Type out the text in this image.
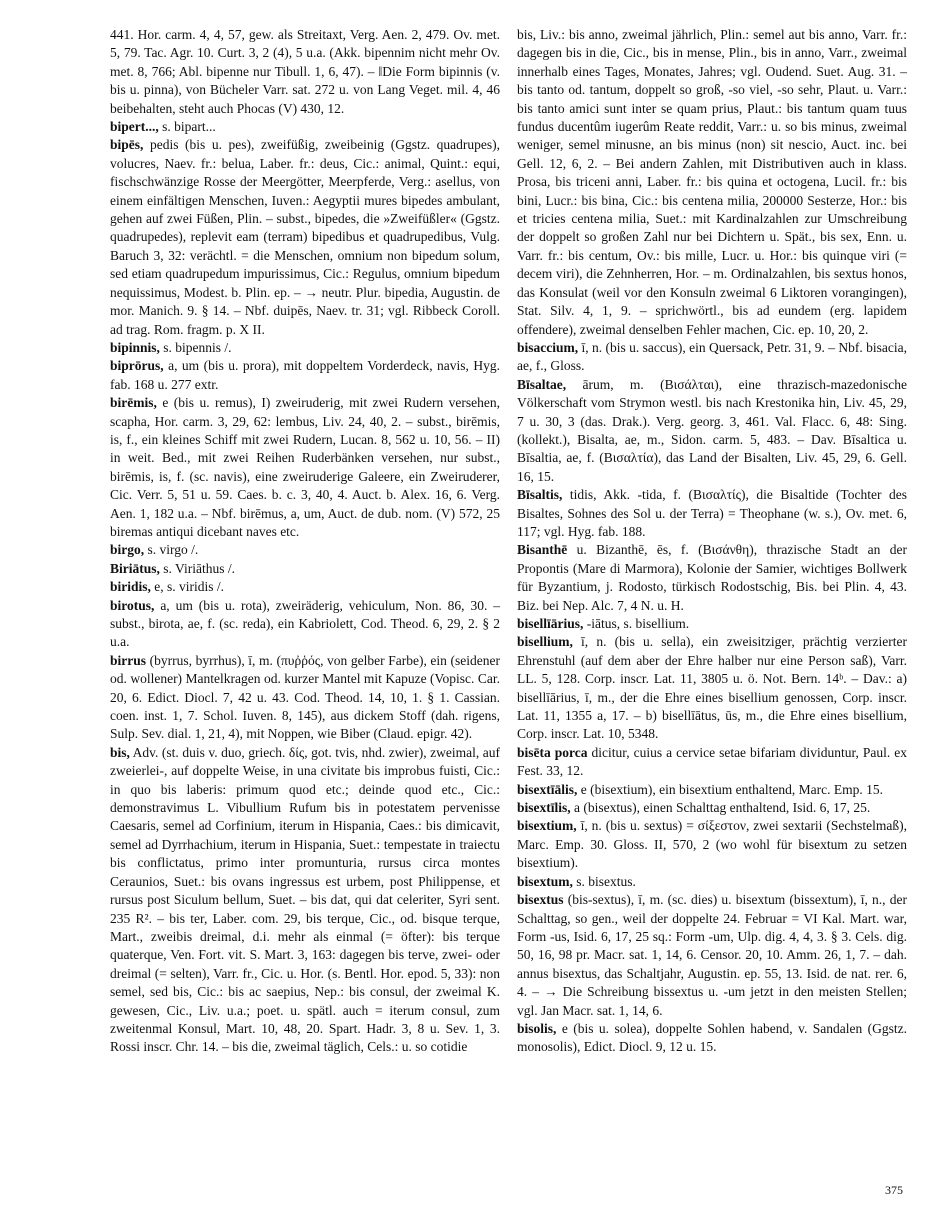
441. Hor. carm. 4, 4, 57, gew. als Streitaxt, Verg. Aen. 2, 479. Ov. met. 5, 79. Tac. Agr. 10. Curt. 3, 2 (4), 5 u.a. (Akk. bipennim nicht mehr Ov. met. 8, 766; Abl. bipenne nur Tibull. 1, 6, 47). – ‖Die Form bipinnis (v. bis u. pinna), von Bücheler Varr. sat. 272 u. von Lang Veget. mil. 4, 46 beibehalten, steht auch Phocas (V) 430, 12.

bipert..., s. bipart...

bipēs, pedis (bis u. pes), zweifüßig, zweibeinig (Ggstz. quadrupes), volucres, Naev. fr.: belua, Laber. fr.: deus, Cic.: animal, Quint.: equi, fischschwänzige Rosse der Meergötter, Meerpferde, Verg.: asellus, von einem einfältigen Menschen, Iuven.: Aegyptii mures bipedes ambulant, gehen auf zwei Füßen, Plin. – subst., bipedes, die »Zweifüßler« (Ggstz. quadrupedes), replevit eam (terram) bipedibus et quadrupedibus, Vulg. Baruch 3, 32: verächtl. = die Menschen, omnium non bipedum solum, sed etiam quadrupedum impurissimus, Cic.: Regulus, omnium bipedum nequissimus, Modest. b. Plin. ep. – → neutr. Plur. bipedia, Augustin. de mor. Manich. 9. § 14. – Nbf. duipēs, Naev. tr. 31; vgl. Ribbeck Coroll. ad trag. Rom. fragm. p. X II.

bipinnis, s. bipennis /.

biprōrus, a, um (bis u. prora), mit doppeltem Vorderdeck, navis, Hyg. fab. 168 u. 277 extr.

birēmis, e (bis u. remus), I) zweiruderig, mit zwei Rudern versehen, scapha, Hor. carm. 3, 29, 62: lembus, Liv. 24, 40, 2. – subst., birēmis, is, f., ein kleines Schiff mit zwei Rudern, Lucan. 8, 562 u. 10, 56. – II) in weit. Bed., mit zwei Reihen Ruderbänken versehen, nur subst., birēmis, is, f. (sc. navis), eine zweiruderige Galeere, ein Zweiruderer, Cic. Verr. 5, 51 u. 59. Caes. b. c. 3, 40, 4. Auct. b. Alex. 16, 6. Verg. Aen. 1, 182 u.a. – Nbf. birēmus, a, um, Auct. de dub. nom. (V) 572, 25 biremas antiqui dicebant naves etc.

birgo, s. virgo /.

Biriātus, s. Viriāthus /.

biridis, e, s. viridis /.

birotus, a, um (bis u. rota), zweiräderig, vehiculum, Non. 86, 30. – subst., birota, ae, f. (sc. reda), ein Kabriolett, Cod. Theod. 6, 29, 2. § 2 u.a.

birrus (byrrus, byrrhus), ī, m. (πυῤῥός, von gelber Farbe), ein (seidener od. wollener) Mantelkragen od. kurzer Mantel mit Kapuze (Vopisc. Car. 20, 6. Edict. Diocl. 7, 42 u. 43. Cod. Theod. 14, 10, 1. § 1. Cassian. coen. inst. 1, 7. Schol. Iuven. 8, 145), aus dickem Stoff (dah. rigens, Sulp. Sev. dial. 1, 21, 4), mit Noppen, wie Biber (Claud. epigr. 42).

bis, Adv. (st. duis v. duo, griech. δίς, got. tvis, nhd. zwier), zweimal, auf zweierlei-, auf doppelte Weise, in una civitate bis improbus fuisti, Cic.: in quo bis laberis: primum quod etc.; deinde quod etc., Cic.: demonstravimus L. Vibullium Rufum bis in potestatem pervenisse Caesaris, semel ad Corfinium, iterum in Hispania, Caes.: bis dimicavit, semel ad Dyrrhachium, iterum in Hispania, Suet.: tempestate in traiectu bis conflictatus, primo inter promunturia, rursus circa montes Ceraunios, Suet.: bis ovans ingressus est urbem, post Philippense, et rursus post Siculum bellum, Suet. – bis dat, qui dat celeriter, Syri sent. 235 R². – bis ter, Laber. com. 29, bis terque, Cic., od. bisque terque, Mart., zweibis dreimal, d.i. mehr als einmal (= öfter): bis terque quaterque, Ven. Fort. vit. S. Mart. 3, 163: dagegen bis terve, zwei- oder dreimal (= selten), Varr. fr., Cic. u. Hor. (s. Bentl. Hor. epod. 5, 33): non semel, sed bis, Cic.: bis ac saepius, Nep.: bis consul, der zweimal K. gewesen, Cic., Liv. u.a.; poet. u. spätl. auch = iterum consul, zum zweitenmal Konsul, Mart. 10, 48, 20. Spart. Hadr. 3, 8 u. Sev. 1, 3. Rossi inscr. Chr. 14. – bis die, zweimal täglich, Cels.: u. so cotidie

bis, Liv.: bis anno, zweimal jährlich, Plin.: semel aut bis anno, Varr. fr.: dagegen bis in die, Cic., bis in mense, Plin., bis in anno, Varr., zweimal innerhalb eines Tages, Monates, Jahres; vgl. Oudend. Suet. Aug. 31. – bis tanto od. tantum, doppelt so groß, -so viel, -so sehr, Plaut. u. Varr.: bis tanto amici sunt inter se quam prius, Plaut.: bis tantum quam tuus fundus ducentûm iugerûm Reate reddit, Varr.: u. so bis minus, zweimal weniger, semel minusne, an bis minus (non) sit nescio, Auct. inc. bei Gell. 12, 6, 2. – Bei andern Zahlen, mit Distributiven auch in klass. Prosa, bis triceni anni, Laber. fr.: bis quina et octogena, Lucil. fr.: bis bini, Lucr.: bis bina, Cic.: bis centena milia, 200000 Sesterze, Hor.: bis et tricies centena milia, Suet.: mit Kardinalzahlen zur Umschreibung der doppelt so großen Zahl nur bei Dichtern u. Spät., bis sex, Enn. u. Varr. fr.: bis centum, Ov.: bis mille, Lucr. u. Hor.: bis quinque viri (= decem viri), die Zehnherren, Hor. – m. Ordinalzahlen, bis sextus honos, das Konsulat (weil vor den Konsuln zweimal 6 Liktoren vorangingen), Stat. Silv. 4, 1, 9. – sprichwörtl., bis ad eundem (erg. lapidem offendere), zweimal denselben Fehler machen, Cic. ep. 10, 20, 2.

bisaccium, ī, n. (bis u. saccus), ein Quersack, Petr. 31, 9. – Nbf. bisacia, ae, f., Gloss.

Bīsaltae, ārum, m. (Βισάλται), eine thrazisch-mazedonische Völkerschaft vom Strymon westl. bis nach Krestonika hin, Liv. 45, 29, 7 u. 30, 3 (das. Drak.). Verg. georg. 3, 461. Val. Flacc. 6, 48: Sing. (kollekt.), Bisalta, ae, m., Sidon. carm. 5, 483. – Dav. Bīsaltica u. Bīsaltia, ae, f. (Βισαλτία), das Land der Bisalten, Liv. 45, 29, 6. Gell. 16, 15.

Bīsaltis, tidis, Akk. -tida, f. (Βισαλτίς), die Bisaltide (Tochter des Bisaltes, Sohnes des Sol u. der Terra) = Theophane (w. s.), Ov. met. 6, 117; vgl. Hyg. fab. 188.

Bisanthē u. Bizanthē, ēs, f. (Βισάνθη), thrazische Stadt an der Propontis (Mare di Marmora), Kolonie der Samier, wichtiges Bollwerk für Byzantium, j. Rodosto, türkisch Rodostschig, Bis. bei Plin. 4, 43. Biz. bei Nep. Alc. 7, 4 N. u. H.

bisellīārius, -iātus, s. bisellium.

bisellium, ī, n. (bis u. sella), ein zweisitziger, prächtig verzierter Ehrenstuhl (auf dem aber der Ehre halber nur eine Person saß), Varr. LL. 5, 128. Corp. inscr. Lat. 11, 3805 u. ö. Not. Bern. 14ᵇ. – Dav.: a) bisellīārius, ī, m., der die Ehre eines bisellium genossen, Corp. inscr. Lat. 11, 1355 a, 17. – b) bisellīātus, ūs, m., die Ehre eines bisellium, Corp. inscr. Lat. 10, 5348.

bisēta porca dicitur, cuius a cervice setae bifariam dividuntur, Paul. ex Fest. 33, 12.

bisextīālis, e (bisextium), ein bisextium enthaltend, Marc. Emp. 15.

bisextīlis, a (bisextus), einen Schalttag enthaltend, Isid. 6, 17, 25.

bisextium, ī, n. (bis u. sextus) = σίξεστον, zwei sextarii (Sechstelmaß), Marc. Emp. 30. Gloss. II, 570, 2 (wo wohl für bisextum zu setzen bisextium).

bisextum, s. bisextus.

bisextus (bis-sextus), ī, m. (sc. dies) u. bisextum (bissextum), ī, n., der Schalttag, so gen., weil der doppelte 24. Februar = VI Kal. Mart. war, Form -us, Isid. 6, 17, 25 sq.: Form -um, Ulp. dig. 4, 4, 3. § 3. Cels. dig. 50, 16, 98 pr. Macr. sat. 1, 14, 6. Censor. 20, 10. Amm. 26, 1, 7. – dah. annus bisextus, das Schaltjahr, Augustin. ep. 55, 13. Isid. de nat. rer. 6, 4. – → Die Schreibung bissextus u. -um jetzt in den meisten Stellen; vgl. Jan Macr. sat. 1, 14, 6.

bisolis, e (bis u. solea), doppelte Sohlen habend, v. Sandalen (Ggstz. monosolis), Edict. Diocl. 9, 12 u. 15.

375
